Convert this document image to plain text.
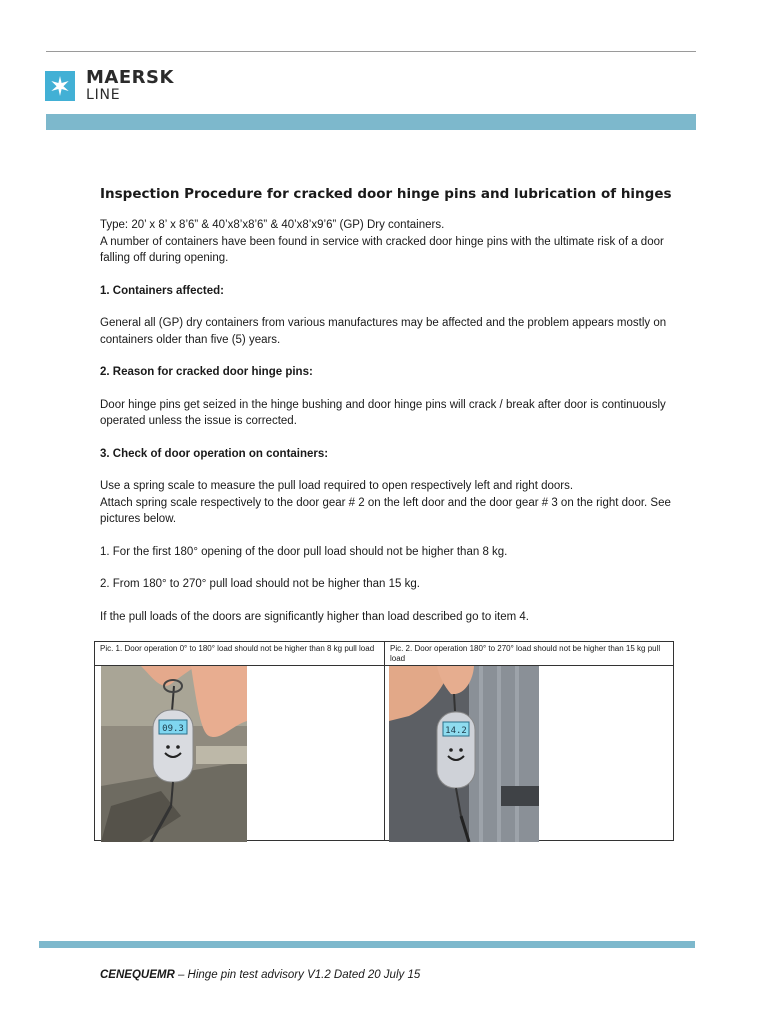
MAERSK
LINE
Inspection Procedure for cracked door hinge pins and lubrication of hinges

Type: 20’ x 8’ x 8’6” & 40’x8’x8’6” & 40’x8’x9’6” (GP) Dry containers.

A number of containers have been found in service with cracked door hinge pins with the ultimate risk of a door falling off during opening.

1. Containers affected:

General all (GP) dry containers from various manufactures may be affected and the problem appears mostly on containers older than five (5) years.

2. Reason for cracked door hinge pins:

Door hinge pins get seized in the hinge bushing and door hinge pins will crack / break after door is continuously operated unless the issue is corrected.

3. Check of door operation on containers:

Use a spring scale to measure the pull load required to open respectively left and right doors.

Attach spring scale respectively to the door gear # 2 on the left door and the door gear # 3 on the right door. See pictures below.

1. For the first 180° opening of the door pull load should not be higher than 8 kg.

2. From 180° to 270° pull load should not be higher than 15 kg.

If the pull loads of the doors are significantly higher than load described go to item 4.

Pic. 1. Door operation 0° to 180° load should not be higher than 8 kg pull load
09.3
Pic. 2. Door operation 180° to 270° load should not be higher than 15 kg pull load
14.2
CENEQUEMR – Hinge pin test advisory V1.2 Dated 20 July 15
